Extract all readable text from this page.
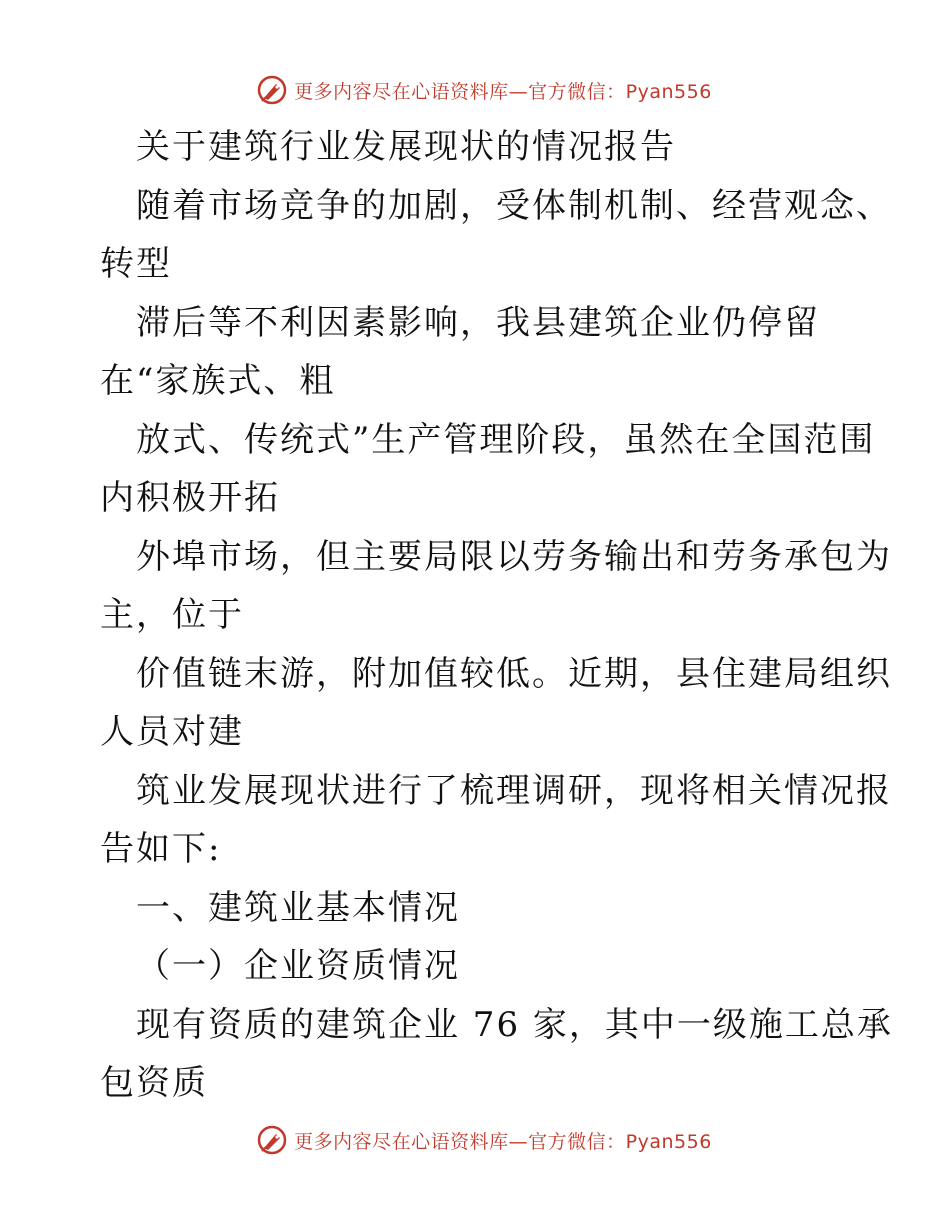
更多内容尽在心语资料库—官方微信：Pyan556
关于建筑行业发展现状的情况报告
随着市场竞争的加剧，受体制机制、经营观念、
转型
滞后等不利因素影响，我县建筑企业仍停留
在“家族式、粗
放式、传统式”生产管理阶段，虽然在全国范围
内积极开拓
外埠市场，但主要局限以劳务输出和劳务承包为
主，位于
价值链末游，附加值较低。近期，县住建局组织
人员对建
筑业发展现状进行了梳理调研，现将相关情况报
告如下:
一、建筑业基本情况
（一）企业资质情况
现有资质的建筑企业 76 家，其中一级施工总承
包资质
更多内容尽在心语资料库—官方微信：Pyan556
